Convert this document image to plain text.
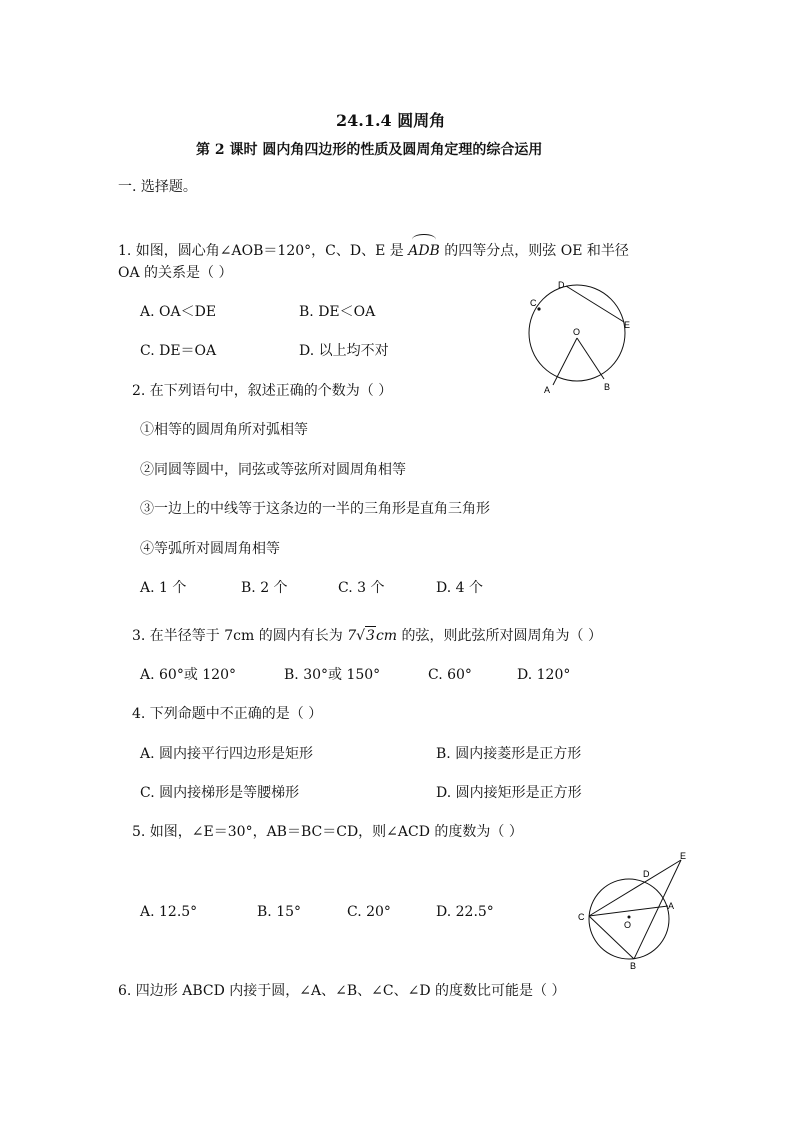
24.1.4 圆周角
第 2 课时 圆内角四边形的性质及圆周角定理的综合运用
一. 选择题。
1. 如图，圆心角∠AOB＝120°，C、D、E 是 ADB 的四等分点，则弦 OE 和半径
OA 的关系是（ ）
A. OA＜DE	B. DE＜OA
C. DE＝OA	D. 以上均不对
C
D
E
O
A	B
2. 在下列语句中，叙述正确的个数为（ ）
①相等的圆周角所对弧相等
②同圆等圆中，同弦或等弦所对圆周角相等
③一边上的中线等于这条边的一半的三角形是直角三角形
④等弧所对圆周角相等
A. 1 个	B. 2 个	C. 3 个	D. 4 个
3. 在半径等于 7cm 的圆内有长为 7√3cm 的弦，则此弦所对圆周角为（ ）
A. 60°或 120°	B. 30°或 150°	C. 60°	D. 120°
4. 下列命题中不正确的是（ ）
A. 圆内接平行四边形是矩形	B. 圆内接菱形是正方形
C. 圆内接梯形是等腰梯形	D. 圆内接矩形是正方形
5. 如图，∠E＝30°，AB＝BC＝CD，则∠ACD 的度数为（ ）
A. 12.5°	B. 15°	C. 20°	D. 22.5°
E
D
A
C
O
B
6. 四边形 ABCD 内接于圆，∠A、∠B、∠C、∠D 的度数比可能是（ ）
